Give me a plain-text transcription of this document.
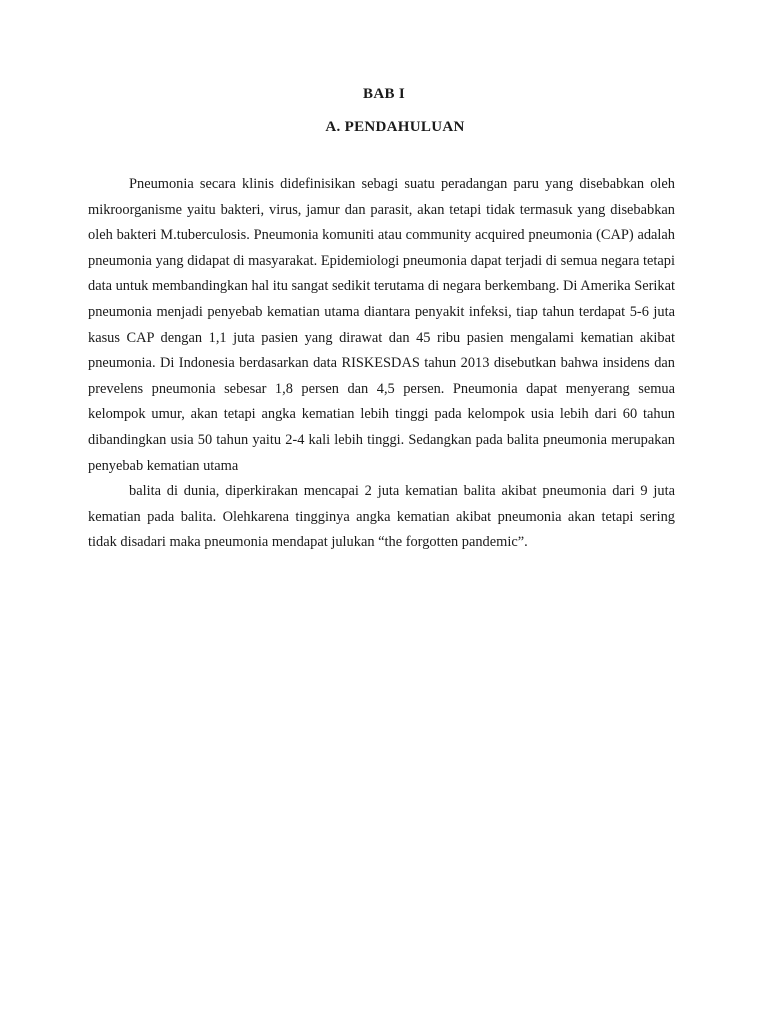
BAB I
A. PENDAHULUAN

Pneumonia secara klinis didefinisikan sebagi suatu peradangan paru yang disebabkan oleh mikroorganisme yaitu bakteri, virus, jamur dan parasit, akan tetapi tidak termasuk yang disebabkan oleh bakteri M.tuberculosis. Pneumonia komuniti atau community acquired pneumonia (CAP) adalah pneumonia yang didapat di masyarakat. Epidemiologi pneumonia dapat terjadi di semua negara tetapi data untuk membandingkan hal itu sangat sedikit terutama di negara berkembang. Di Amerika Serikat pneumonia menjadi penyebab kematian utama diantara penyakit infeksi, tiap tahun terdapat 5-6 juta kasus CAP dengan 1,1 juta pasien yang dirawat dan 45 ribu pasien mengalami kematian akibat pneumonia. Di Indonesia berdasarkan data RISKESDAS tahun 2013 disebutkan bahwa insidens dan prevelens pneumonia sebesar 1,8 persen dan 4,5 persen. Pneumonia dapat menyerang semua kelompok umur, akan tetapi angka kematian lebih tinggi pada kelompok usia lebih dari 60 tahun dibandingkan usia 50 tahun yaitu 2-4 kali lebih tinggi. Sedangkan pada balita pneumonia merupakan penyebab kematian utama

balita di dunia, diperkirakan mencapai 2 juta kematian balita akibat pneumonia dari 9 juta kematian pada balita. Olehkarena tingginya angka kematian akibat pneumonia akan tetapi sering tidak disadari maka pneumonia mendapat julukan “the forgotten pandemic”.
